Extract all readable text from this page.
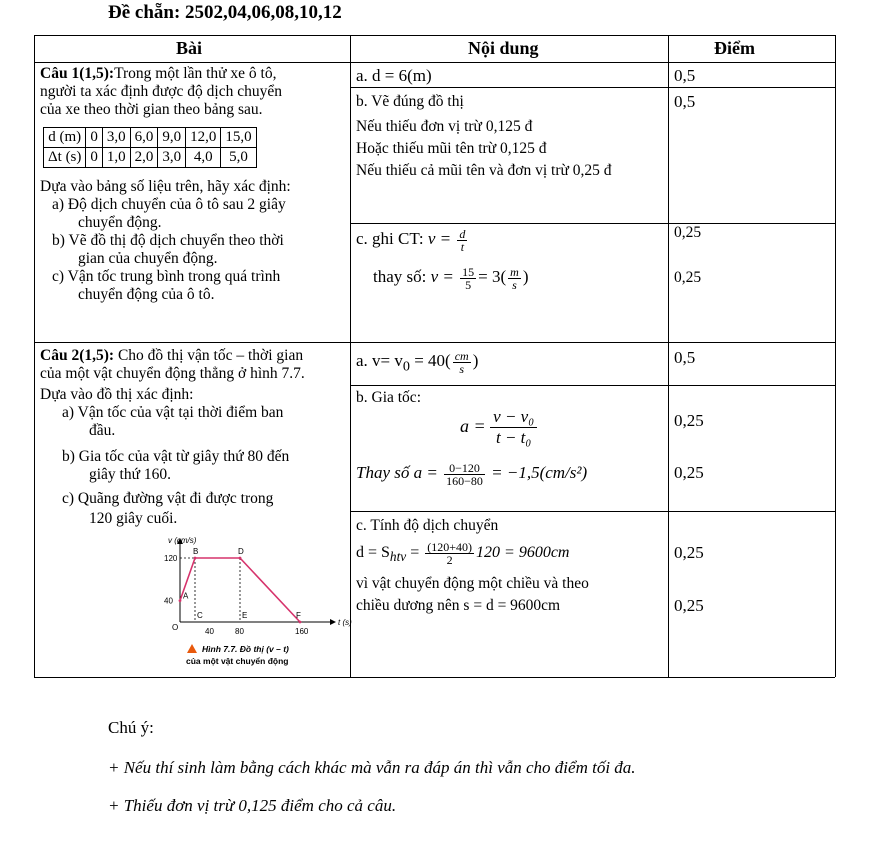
Đề chẵn: 2502,04,06,08,10,12
Bài	Nội dung	Điểm
Câu 1(1,5):Trong một lần thử xe ô tô,
người ta xác định được độ dịch chuyển
của xe theo thời gian theo bảng sau.
d (m)	0	3,0	6,0	9,0	12,0	15,0
Δt (s)	0	1,0	2,0	3,0	4,0	5,0
Dựa vào bảng số liệu trên, hãy xác định:
a) Độ dịch chuyển của ô tô sau 2 giây
chuyển động.
b) Vẽ đồ thị độ dịch chuyển theo thời
gian của chuyển động.
c) Vận tốc trung bình trong quá trình
chuyển động của ô tô.
a. d = 6(m)	0,5
b. Vẽ đúng đồ thị	0,5
Nếu thiếu đơn vị trừ 0,125 đ
Hoặc thiếu mũi tên trừ 0,125 đ
Nếu thiếu cả mũi tên và đơn vị trừ 0,25 đ
c. ghi CT: $v = \frac{d}{t}$	0,25
thay số: $v = \frac{15}{5} = 3( \frac{m}{s}$ )	0,25
Câu 2(1,5): Cho đồ thị vận tốc – thời gian
của một vật chuyển động thẳng ở hình 7.7.
Dựa vào đồ thị xác định:
a) Vận tốc của vật tại thời điểm ban
đầu.
b) Gia tốc của vật từ giây thứ 80 đến
giây thứ 160.
c) Quãng đường vật đi được trong
120 giây cuối.
v (cm/s)
t (s)
O
40
120
40	80	160
A
B	D
F
C	E
Hình 7.7. Đồ thị (v – t)
của một vật chuyển động
a. $v= v_0 = 40( \frac{cm}{s}$ )	0,5
b. Gia tốc:
$a = \frac{\text{v − v₀}}{\text{t − t₀}}$	0,25
Thay số $a = \frac{0-120}{160-80} = -1,5(cm/s^2)$	0,25
c. Tính độ dịch chuyển
$d = S_{htv} = \frac{(120+40)}{2} 120 = 9600cm$	0,25
vì vật chuyển động một chiều và theo
chiều dương nên s = d = 9600cm	0,25
Chú ý:
+ Nếu thí sinh làm bằng cách khác mà vẫn ra đáp án thì vẫn cho điểm tối đa.
+ Thiếu đơn vị trừ 0,125 điểm cho cả câu.
